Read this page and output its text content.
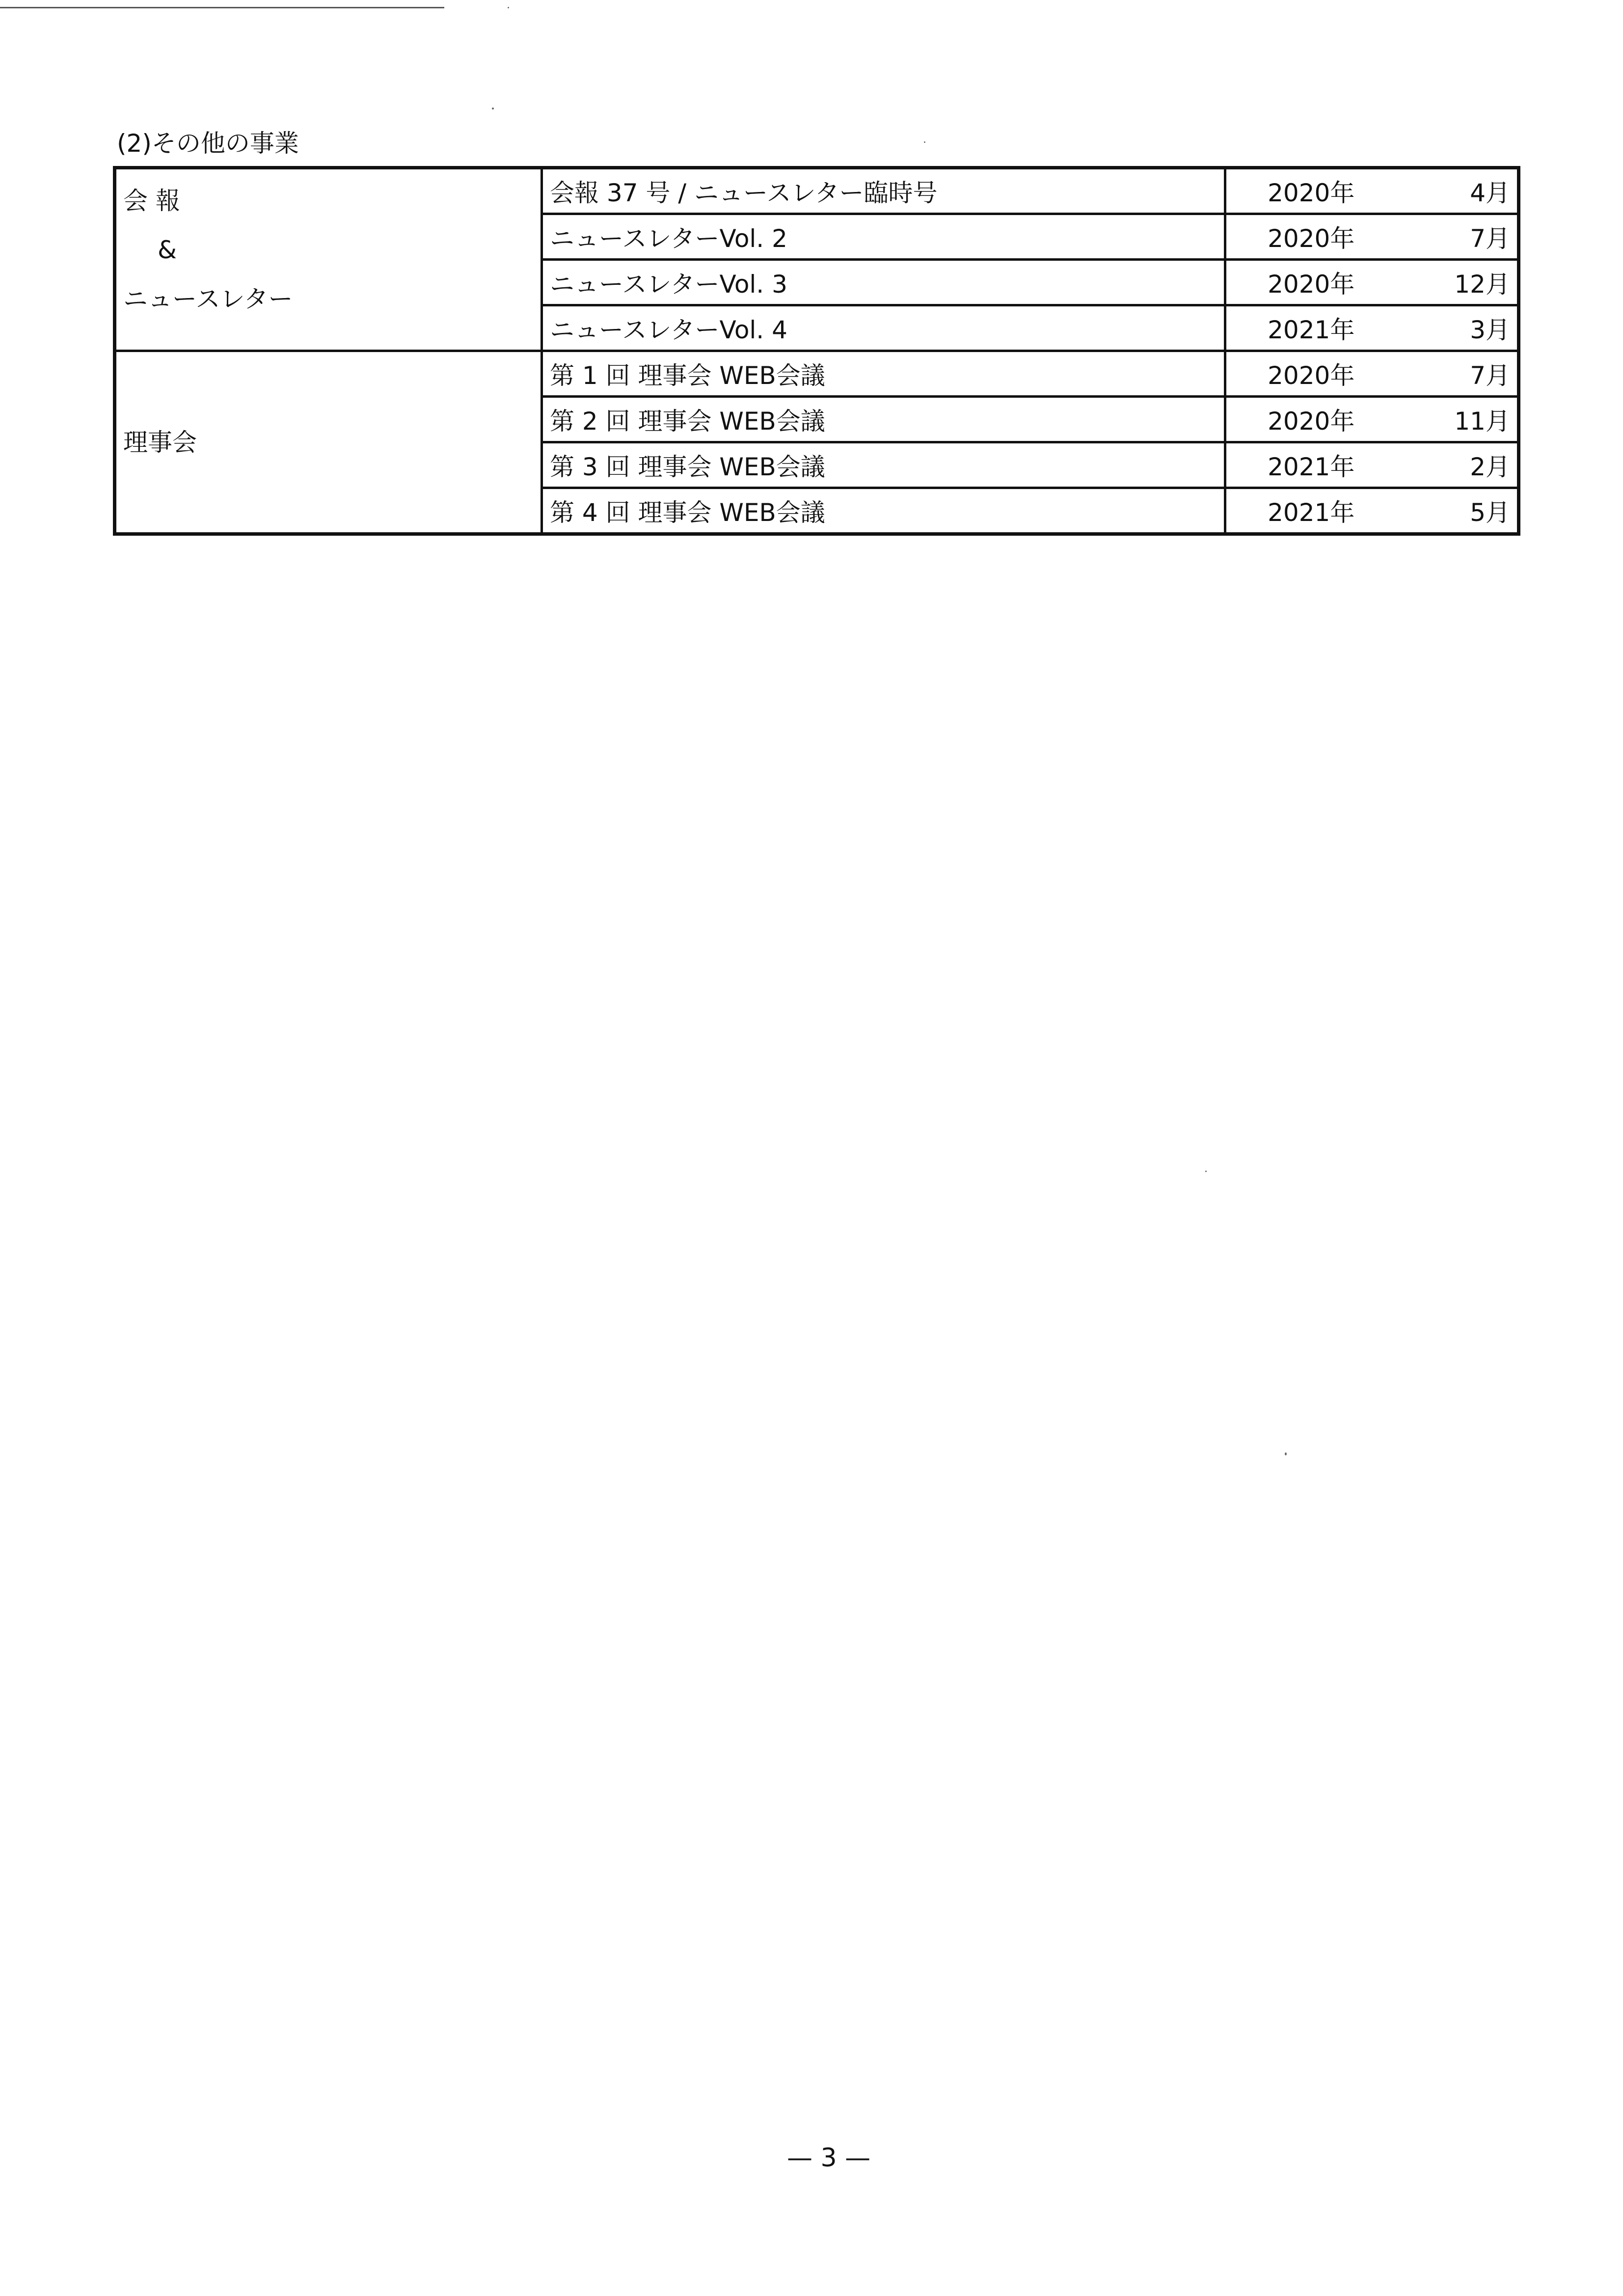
(2)その他の事業
会 報
&
ニュースレター	会報 37 号 / ニュースレター臨時号	2020年	4月
	ニュースレターVol. 2	2020年	7月
	ニュースレターVol. 3	2020年	12月
	ニュースレターVol. 4	2021年	3月

理事会	第 1 回 理事会 WEB会議	2020年	7月
	第 2 回 理事会 WEB会議	2020年	11月
	第 3 回 理事会 WEB会議	2021年	2月
	第 4 回 理事会 WEB会議	2021年	5月
— 3 —
